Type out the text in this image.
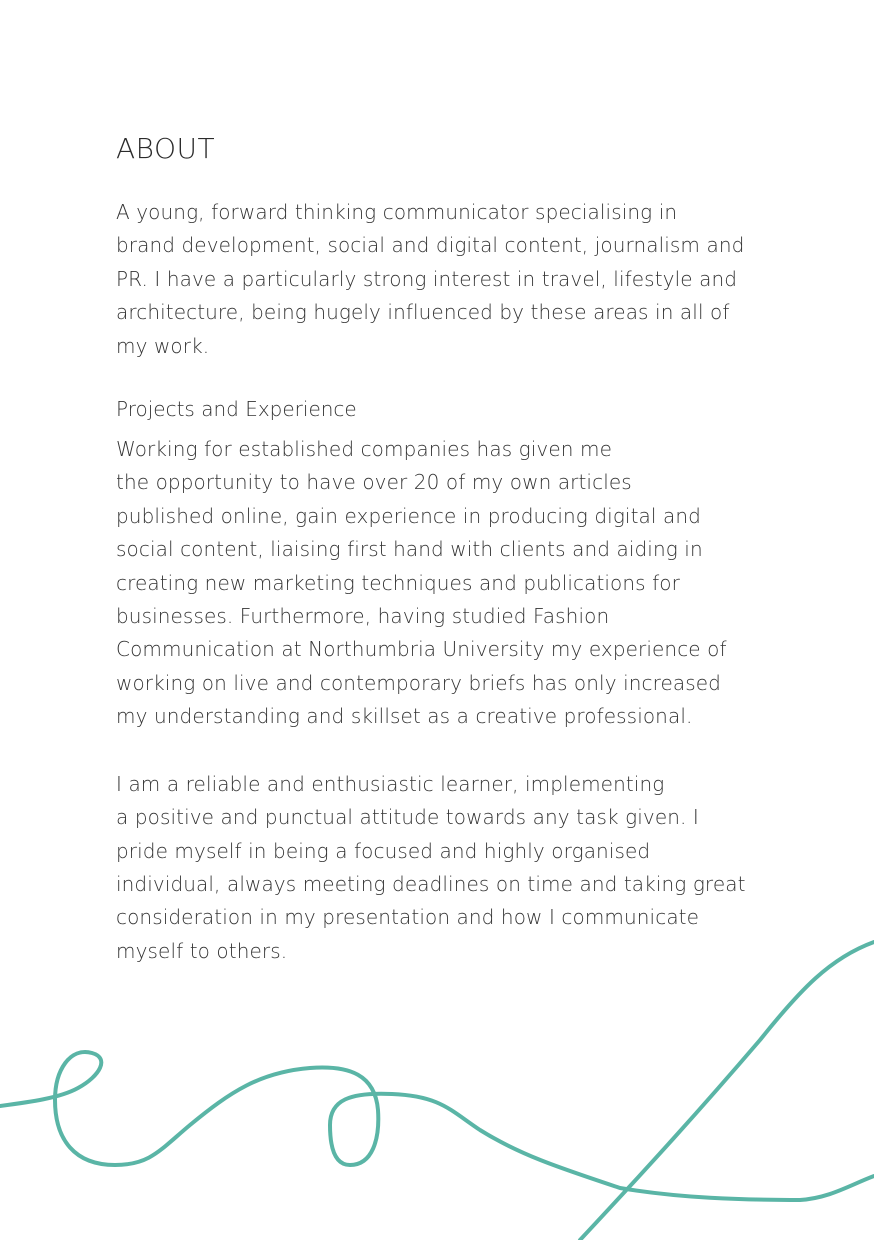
ABOUT

A young, forward thinking communicator specialising in
brand development, social and digital content, journalism and
PR. I have a particularly strong interest in travel, lifestyle and
architecture, being hugely influenced by these areas in all of
my work.

Projects and Experience

Working for established companies has given me
the opportunity to have over 20 of my own articles
published online, gain experience in producing digital and
social content, liaising first hand with clients and aiding in
creating new marketing techniques and publications for
businesses. Furthermore, having studied Fashion
Communication at Northumbria University my experience of
working on live and contemporary briefs has only increased
my understanding and skillset as a creative professional.

I am a reliable and enthusiastic learner, implementing
a positive and punctual attitude towards any task given. I
pride myself in being a focused and highly organised
individual, always meeting deadlines on time and taking great
consideration in my presentation and how I communicate
myself to others.
